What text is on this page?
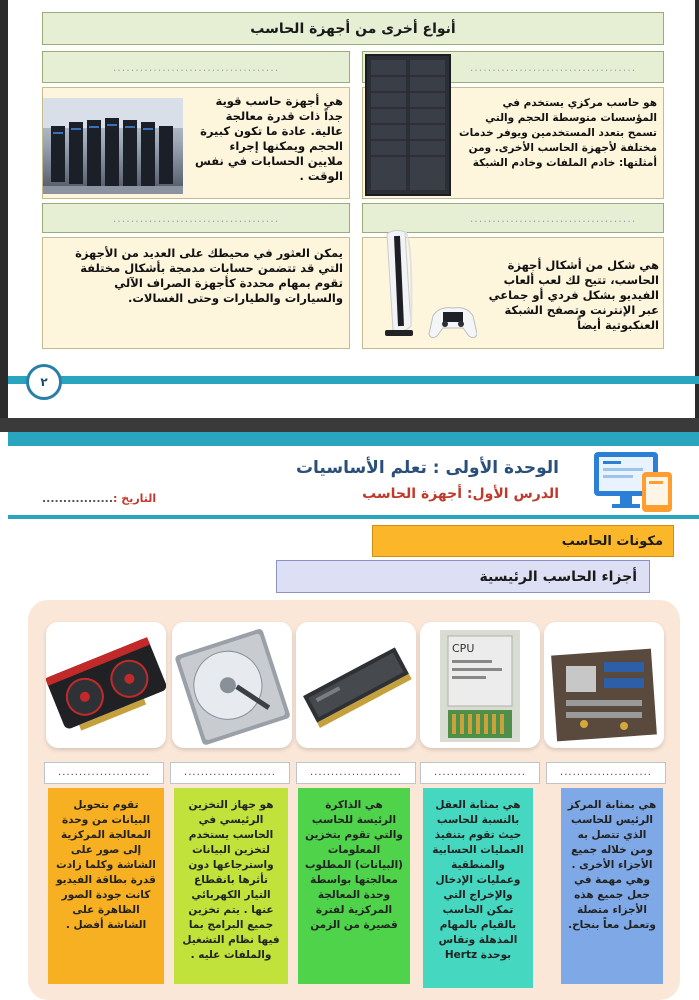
أنواع أخرى من أجهزة الحاسب
.....................................	.....................................
هي أجهزة حاسب قوية جداً ذات قدرة معالجة عالية. عادة ما تكون كبيرة الحجم ويمكنها إجراء ملايين الحسابات في نفس الوقت .
هو حاسب مركزي يستخدم في المؤسسات متوسطة الحجم والتي تسمح بتعدد المستخدمين ويوفر خدمات مختلفة لأجهزة الحاسب الأخرى. ومن أمثلتها: خادم الملفات وخادم الشبكة
.....................................	.....................................
يمكن العثور في محيطك على العديد من الأجهزة التي قد تتضمن حسابات مدمجة بأشكال مختلفة تقوم بمهام محددة كأجهزة الصراف الآلي والسيارات والطيارات وحتى الغسالات.
هي شكل من أشكال أجهزة الحاسب، تتيح لك لعب ألعاب الفيديو بشكل فردي أو جماعي عبر الإنترنت وتصفح الشبكة العنكبوتية أيضاً
٢
الوحدة الأولى : تعلم الأساسيات
الدرس الأول: أجهزة الحاسب
التاريخ :.................
مكونات الحاسب
أجزاء الحاسب الرئيسية
CPU
......................
......................
......................
......................
......................
هي بمثابة المركز الرئيس للحاسب الذي تتصل به ومن خلاله جميع الأجزاء الأخرى . وهي مهمة في جعل جميع هذه الأجزاء متصلة وتعمل معاً بنجاح.
هي بمثابة العقل بالنسبة للحاسب حيث تقوم بتنفيذ العمليات الحسابية والمنطقية وعمليات الإدخال والإخراج التي تمكن الحاسب بالقيام بالمهام المذهلة وتقاس بوحدة Hertz
هي الذاكرة الرئيسة للحاسب والتي تقوم بتخزين المعلومات (البيانات) المطلوب معالجتها بواسطة وحدة المعالجة المركزية لفترة قصيرة من الزمن
هو جهاز التخزين الرئيسي في الحاسب يستخدم لتخزين البيانات واسترجاعها دون تأثرها بانقطاع التيار الكهربائي عنها . يتم تخزين جميع البرامج بما فيها نظام التشغيل والملفات عليه .
تقوم بتحويل البيانات من وحدة المعالجة المركزية إلى صور على الشاشة وكلما زادت قدرة بطاقة الفيديو كانت جودة الصور الظاهرة على الشاشة أفضل .
